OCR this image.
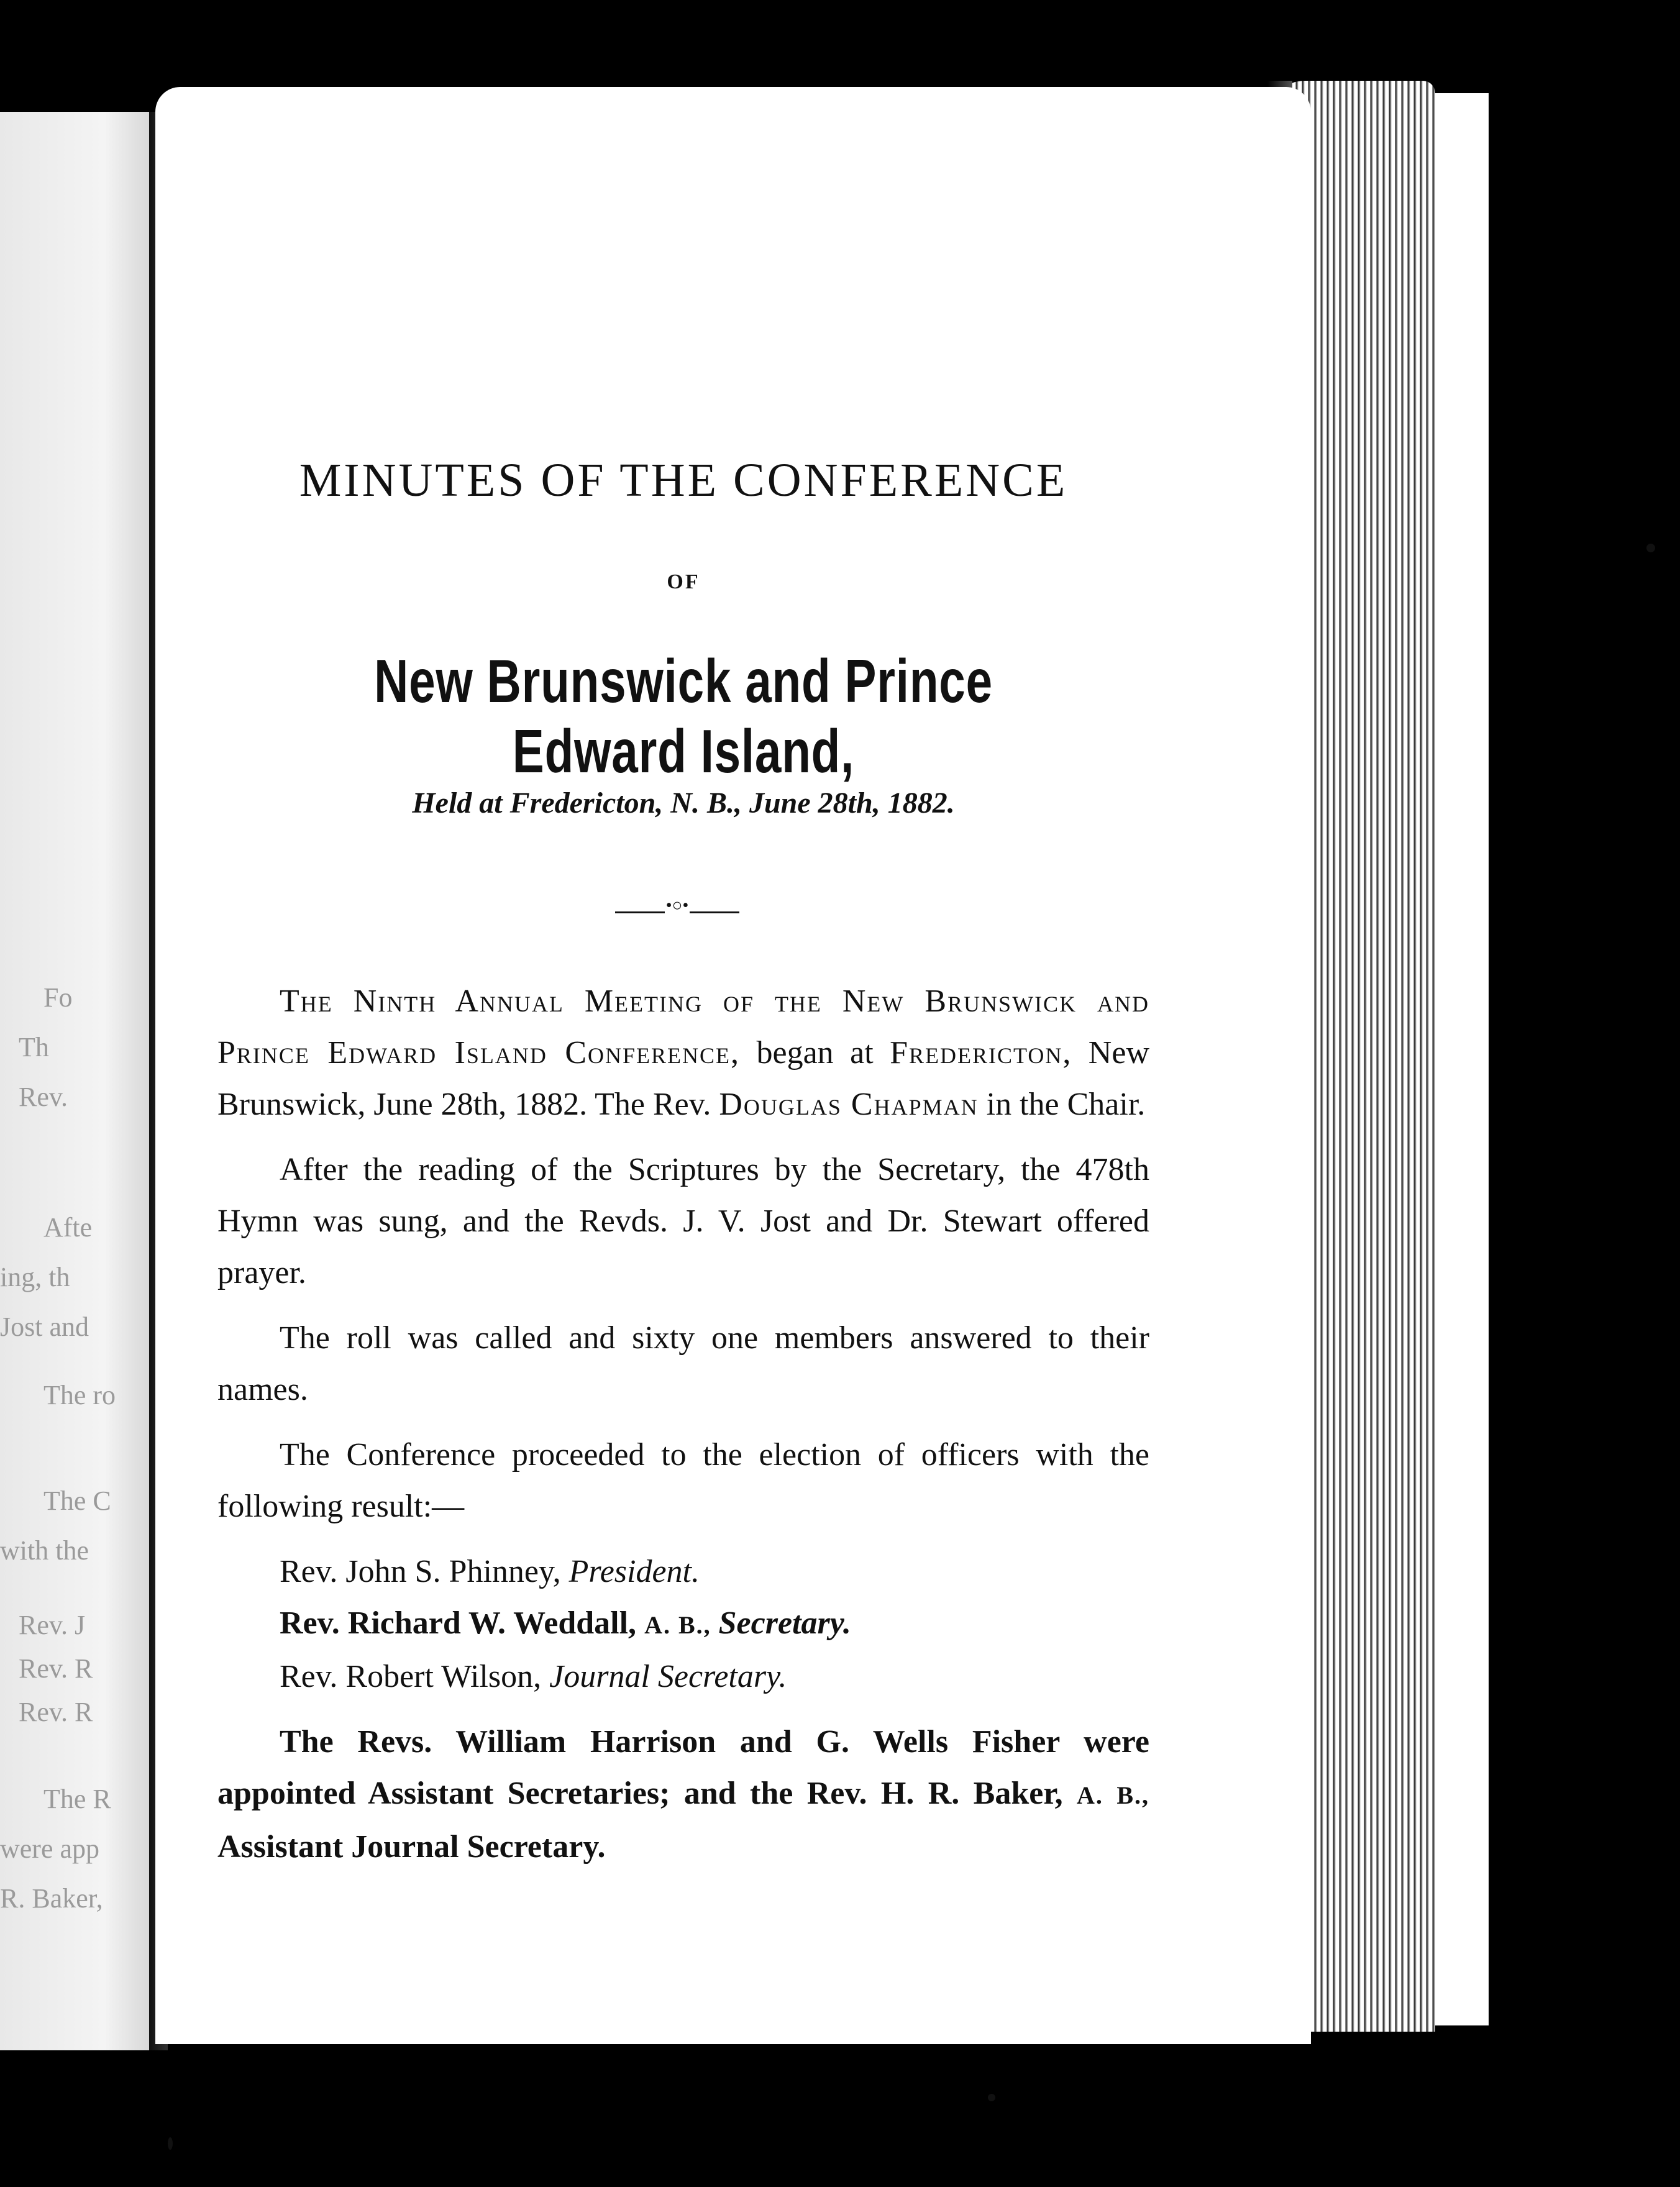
Fo
Th
Rev.
Afte
ing, th
Jost and
The ro
The C
with the
Rev. J
Rev. R
Rev. R
The R
were app
R. Baker,
MINUTES OF THE CONFERENCE
OF
New Brunswick and Prince Edward Island,
Held at Fredericton, N. B., June 28th, 1882.
•○•

The Ninth Annual Meeting of the New Brunswick and Prince Edward Island Conference, began at Fredericton, New Brunswick, June 28th, 1882. The Rev. Douglas Chapman in the Chair.

After the reading of the Scriptures by the Secretary, the 478th Hymn was sung, and the Revds. J. V. Jost and Dr. Stewart offered prayer.

The roll was called and sixty one members answered to their names.

The Conference proceeded to the election of officers with the following result:—

Rev. John S. Phinney, President.
Rev. Richard W. Weddall, A. B., Secretary.
Rev. Robert Wilson, Journal Secretary.

The Revs. William Harrison and G. Wells Fisher were appointed Assistant Secretaries; and the Rev. H. R. Baker, A. B., Assistant Journal Secretary.
